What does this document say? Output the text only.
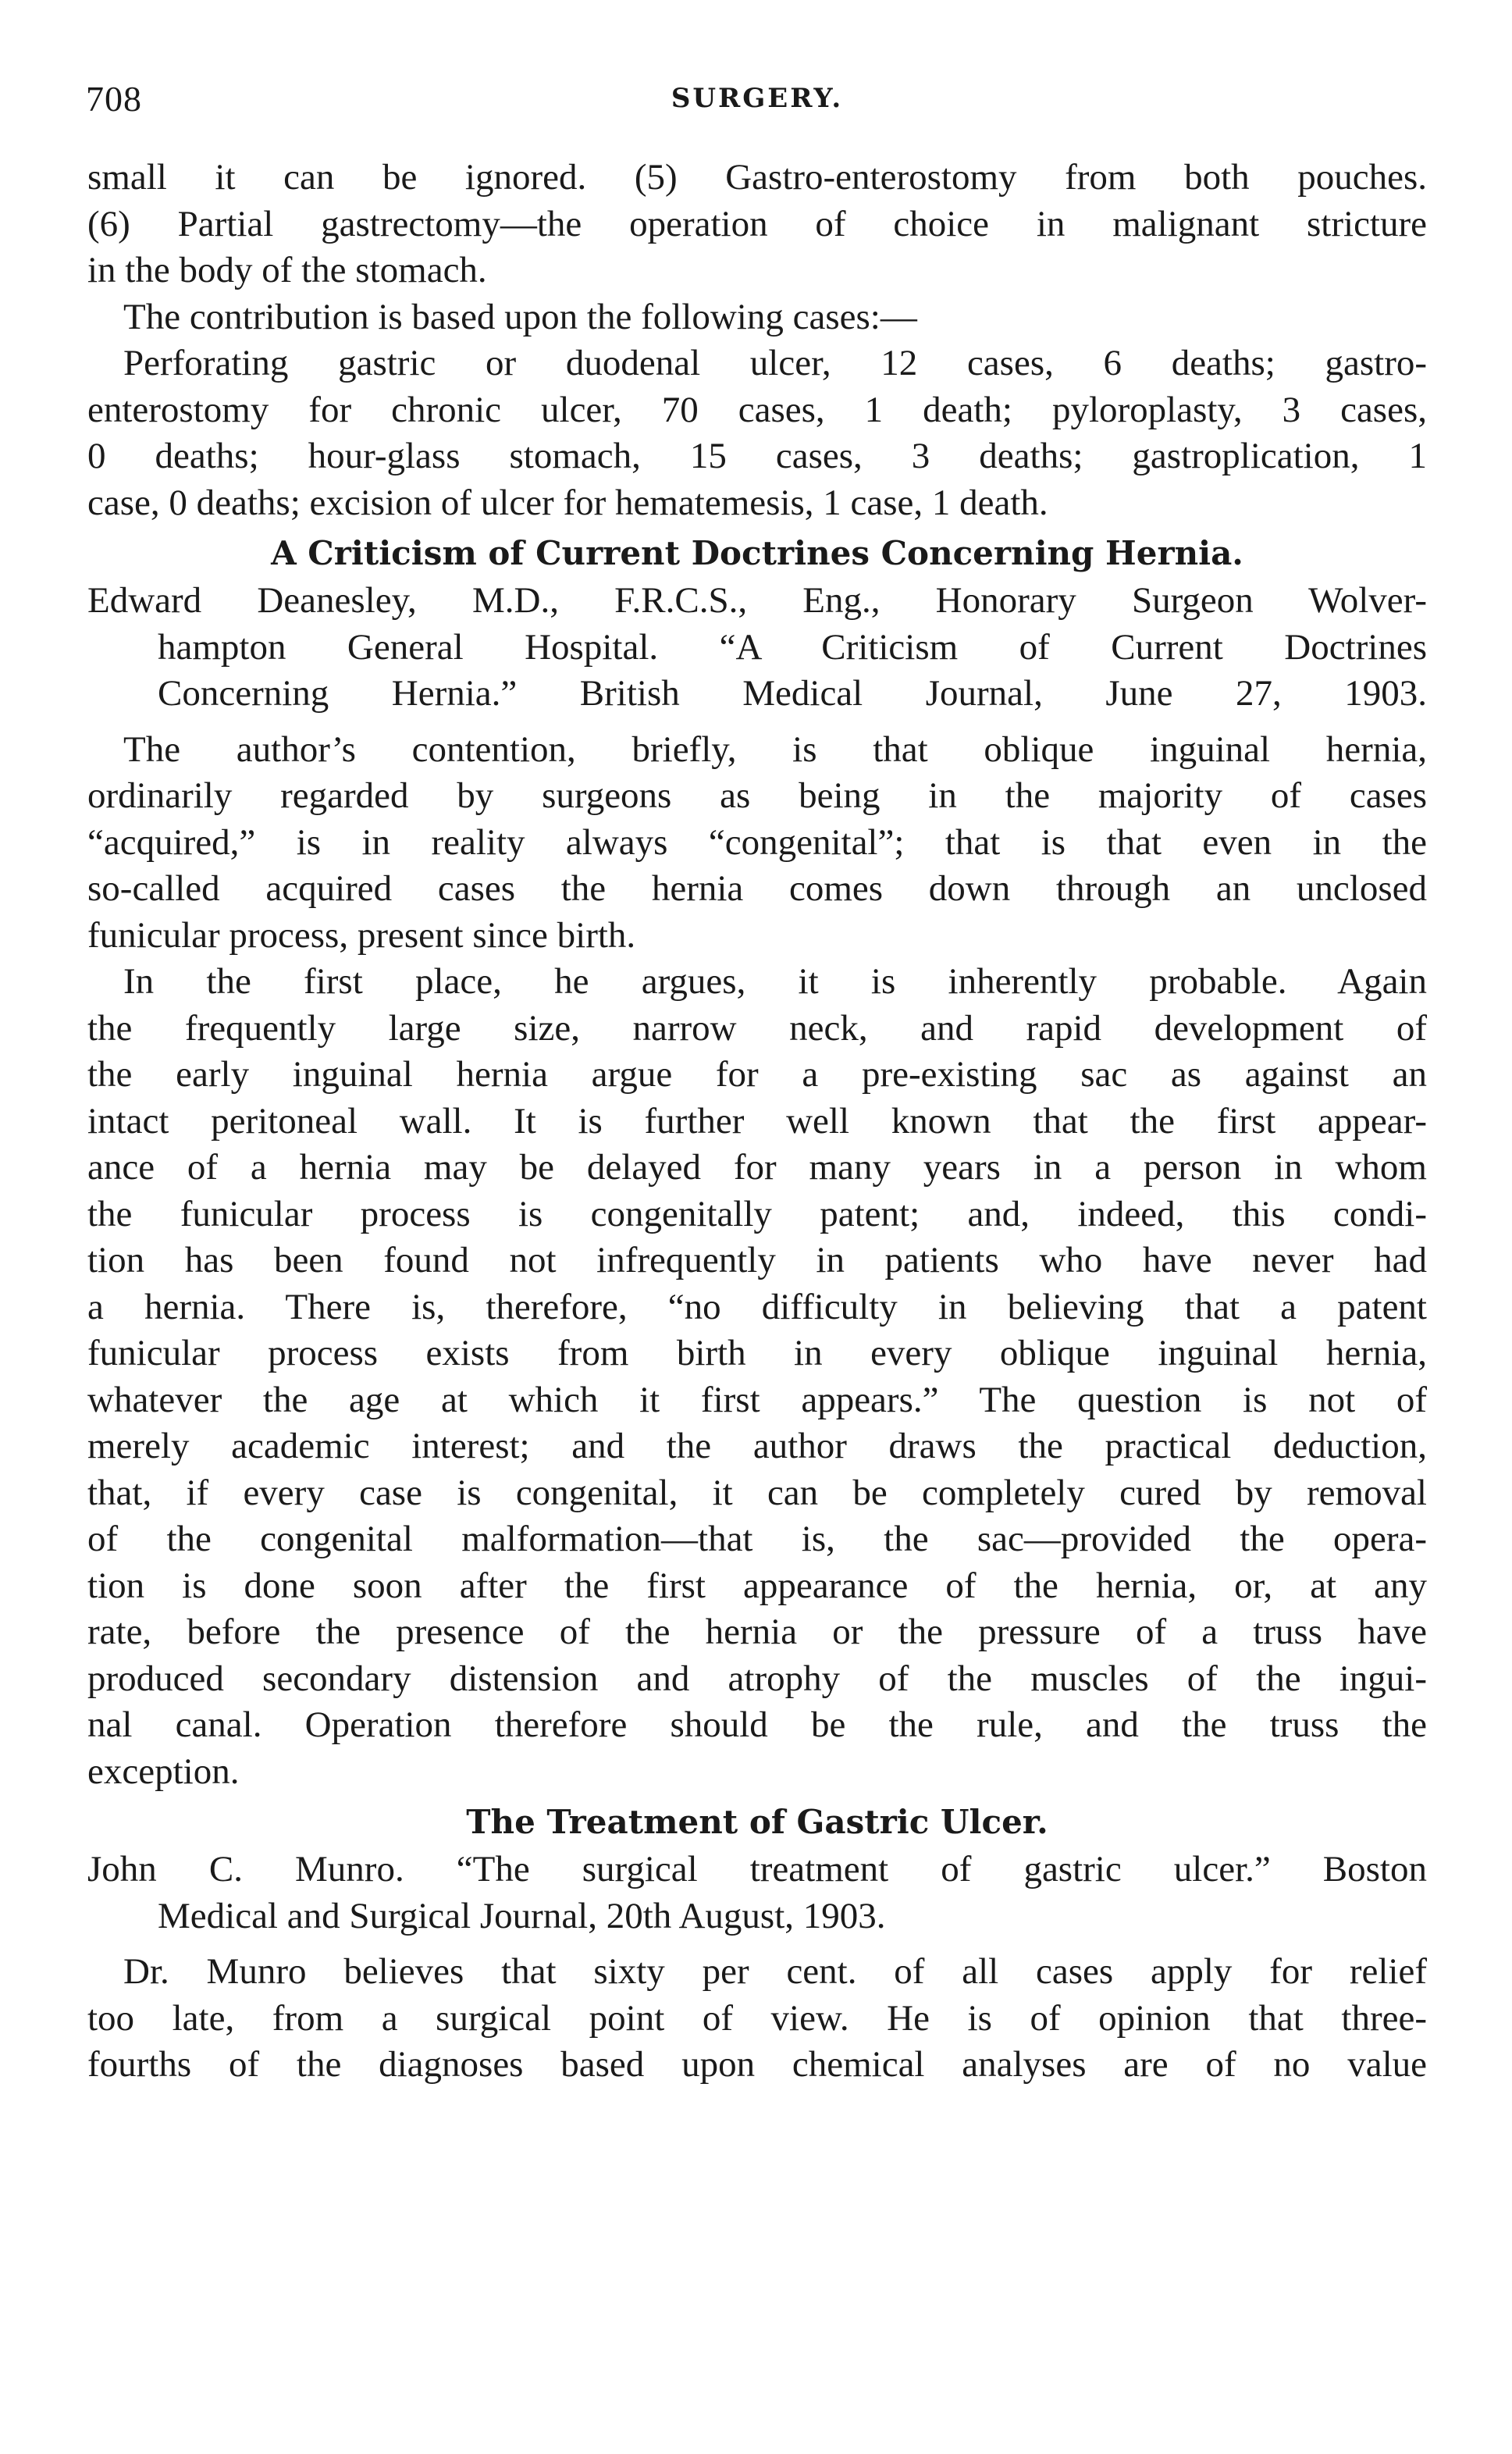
708	SURGERY.
small it can be ignored. (5) Gastro-enterostomy from both pouches.
(6) Partial gastrectomy—the operation of choice in malignant stricture
in the body of the stomach.
The contribution is based upon the following cases:—
Perforating gastric or duodenal ulcer, 12 cases, 6 deaths; gastro-
enterostomy for chronic ulcer, 70 cases, 1 death; pyloroplasty, 3 cases,
0 deaths; hour-glass stomach, 15 cases, 3 deaths; gastroplication, 1
case, 0 deaths; excision of ulcer for hematemesis, 1 case, 1 death.
A Criticism of Current Doctrines Concerning Hernia.
Edward Deanesley, M.D., F.R.C.S., Eng., Honorary Surgeon Wolver-
hampton General Hospital. “A Criticism of Current Doctrines
Concerning Hernia.” British Medical Journal, June 27, 1903.
The author’s contention, briefly, is that oblique inguinal hernia,
ordinarily regarded by surgeons as being in the majority of cases
“acquired,” is in reality always “congenital”; that is that even in the
so-called acquired cases the hernia comes down through an unclosed
funicular process, present since birth.
In the first place, he argues, it is inherently probable. Again
the frequently large size, narrow neck, and rapid development of
the early inguinal hernia argue for a pre-existing sac as against an
intact peritoneal wall. It is further well known that the first appear-
ance of a hernia may be delayed for many years in a person in whom
the funicular process is congenitally patent; and, indeed, this condi-
tion has been found not infrequently in patients who have never had
a hernia. There is, therefore, “no difficulty in believing that a patent
funicular process exists from birth in every oblique inguinal hernia,
whatever the age at which it first appears.” The question is not of
merely academic interest; and the author draws the practical deduction,
that, if every case is congenital, it can be completely cured by removal
of the congenital malformation—that is, the sac—provided the opera-
tion is done soon after the first appearance of the hernia, or, at any
rate, before the presence of the hernia or the pressure of a truss have
produced secondary distension and atrophy of the muscles of the ingui-
nal canal. Operation therefore should be the rule, and the truss the
exception.
The Treatment of Gastric Ulcer.
John C. Munro. “The surgical treatment of gastric ulcer.” Boston
Medical and Surgical Journal, 20th August, 1903.
Dr. Munro believes that sixty per cent. of all cases apply for relief
too late, from a surgical point of view. He is of opinion that three-
fourths of the diagnoses based upon chemical analyses are of no value
